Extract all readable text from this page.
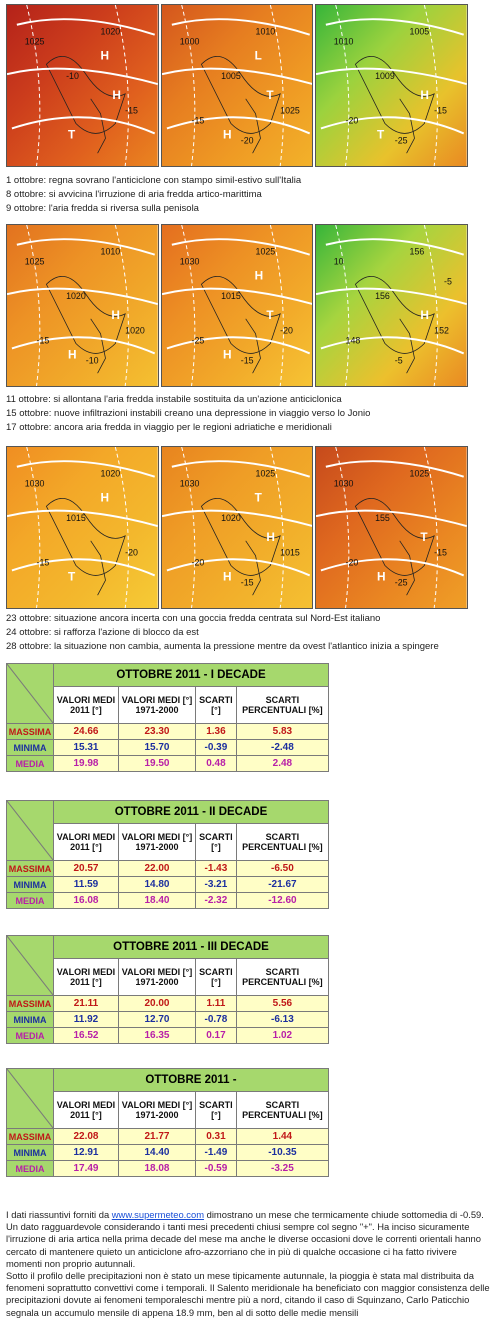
1025
1020
-10
-15
H
H
T
1000
1010
1005
1025
-15
-20
H
T
L
1010
1005
1009
-15
-20
-25
T
H
1 ottobre: regna sovrano l'anticiclone con stampo simil-estivo sull'Italia
8 ottobre: si avvicina l'irruzione di aria fredda artico-marittima
9 ottobre: l'aria fredda si riversa sulla penisola
1025
1010
1020
1020
-15
-10
H
H
1030
1025
1015
-20
-25
-15
H
T
H
10
156
156
152
148
-5
-5
H
11 ottobre: si allontana l'aria fredda instabile sostituita da un'azione anticiclonica
15 ottobre: nuove infiltrazioni instabili creano una depressione in viaggio verso lo Jonio
17 ottobre: ancora aria fredda in viaggio per le regioni adriatiche e meridionali
1030
1020
1015
-20
-15
H
T
1030
1025
1020
1015
-20
-15
H
H
T
1030
1025
155
-15
-20
-25
H
T
23 ottobre: situazione ancora incerta con una goccia fredda centrata sul Nord-Est italiano
24 ottobre: si rafforza l'azione di blocco da est
28 ottobre: la situazione non cambia, aumenta la pressione mentre da ovest l'atlantico inizia a spingere
	OTTOBRE 2011 - I DECADE			
	VALORI MEDI 2011 [°]	VALORI MEDI [°] 1971-2000	SCARTI [°]	SCARTI PERCENTUALI [%]
MASSIMA	24.66	23.30	1.36	5.83
MINIMA	15.31	15.70	-0.39	-2.48
MEDIA	19.98	19.50	0.48	2.48
	OTTOBRE 2011 - II DECADE			
	VALORI MEDI 2011 [°]	VALORI MEDI [°] 1971-2000	SCARTI [°]	SCARTI PERCENTUALI [%]
MASSIMA	20.57	22.00	-1.43	-6.50
MINIMA	11.59	14.80	-3.21	-21.67
MEDIA	16.08	18.40	-2.32	-12.60
	OTTOBRE 2011 - III DECADE			
	VALORI MEDI 2011 [°]	VALORI MEDI [°] 1971-2000	SCARTI [°]	SCARTI PERCENTUALI [%]
MASSIMA	21.11	20.00	1.11	5.56
MINIMA	11.92	12.70	-0.78	-6.13
MEDIA	16.52	16.35	0.17	1.02
	OTTOBRE 2011 -			
	VALORI MEDI 2011 [°]	VALORI MEDI [°] 1971-2000	SCARTI [°]	SCARTI PERCENTUALI [%]
MASSIMA	22.08	21.77	0.31	1.44
MINIMA	12.91	14.40	-1.49	-10.35
MEDIA	17.49	18.08	-0.59	-3.25

I dati riassuntivi forniti da www.supermeteo.com dimostrano un mese che termicamente chiude sottomedia di -0.59. Un dato ragguardevole considerando i tanti mesi precedenti chiusi sempre col segno "+". Ha inciso sicuramente l'irruzione di aria artica nella prima decade del mese ma anche le diverse occasioni dove le correnti orientali hanno cercato di mantenere quieto un anticiclone afro-azzorriano che in più di qualche occasione ci ha fatto rivivere momenti non proprio autunnali.

Sotto il profilo delle precipitazioni non è stato un mese tipicamente autunnale, la pioggia è stata mal distribuita da fenomeni soprattutto convettivi come i temporali. Il Salento meridionale ha beneficiato con maggior consistenza delle precipitazioni dovute ai fenomeni temporaleschi mentre più a nord, citando il caso di Squinzano, Carlo Paticchio segnala un accumulo mensile di appena 18.9 mm, ben al di sotto delle medie mensili
